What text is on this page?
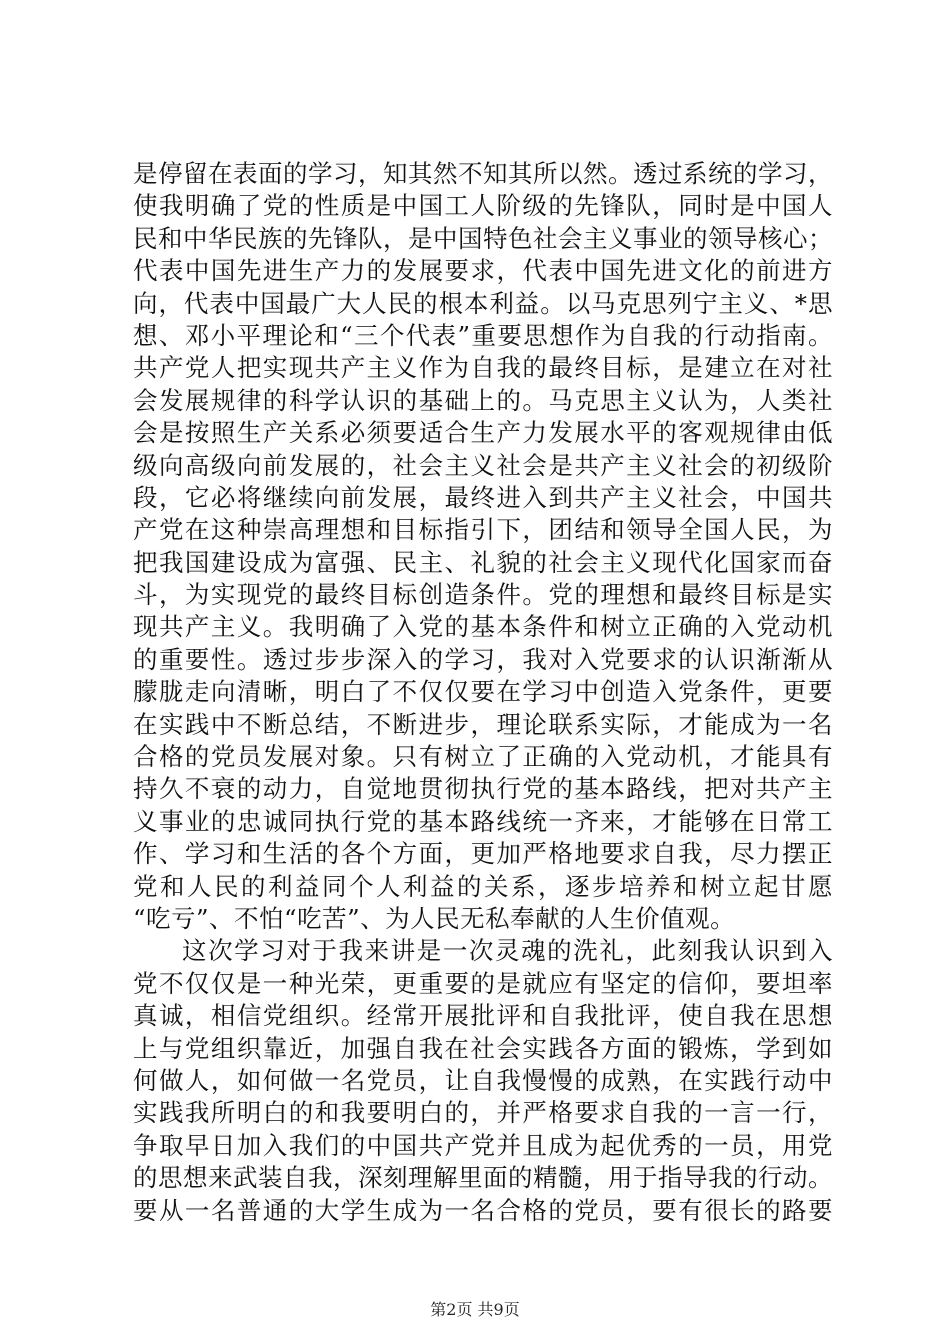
是停留在表面的学习，知其然不知其所以然。透过系统的学习，
使我明确了党的性质是中国工人阶级的先锋队，同时是中国人
民和中华民族的先锋队，是中国特色社会主义事业的领导核心；
代表中国先进生产力的发展要求，代表中国先进文化的前进方
向，代表中国最广大人民的根本利益。以马克思列宁主义、*思
想、邓小平理论和“三个代表”重要思想作为自我的行动指南。
共产党人把实现共产主义作为自我的最终目标，是建立在对社
会发展规律的科学认识的基础上的。马克思主义认为，人类社
会是按照生产关系必须要适合生产力发展水平的客观规律由低
级向高级向前发展的，社会主义社会是共产主义社会的初级阶
段，它必将继续向前发展，最终进入到共产主义社会，中国共
产党在这种崇高理想和目标指引下，团结和领导全国人民，为
把我国建设成为富强、民主、礼貌的社会主义现代化国家而奋
斗，为实现党的最终目标创造条件。党的理想和最终目标是实
现共产主义。我明确了入党的基本条件和树立正确的入党动机
的重要性。透过步步深入的学习，我对入党要求的认识渐渐从
朦胧走向清晰，明白了不仅仅要在学习中创造入党条件，更要
在实践中不断总结，不断进步，理论联系实际，才能成为一名
合格的党员发展对象。只有树立了正确的入党动机，才能具有
持久不衰的动力，自觉地贯彻执行党的基本路线，把对共产主
义事业的忠诚同执行党的基本路线统一齐来，才能够在日常工
作、学习和生活的各个方面，更加严格地要求自我，尽力摆正
党和人民的利益同个人利益的关系，逐步培养和树立起甘愿
“吃亏”、不怕“吃苦”、为人民无私奉献的人生价值观。
这次学习对于我来讲是一次灵魂的洗礼，此刻我认识到入
党不仅仅是一种光荣，更重要的是就应有坚定的信仰，要坦率
真诚，相信党组织。经常开展批评和自我批评，使自我在思想
上与党组织靠近，加强自我在社会实践各方面的锻炼，学到如
何做人，如何做一名党员，让自我慢慢的成熟，在实践行动中
实践我所明白的和我要明白的，并严格要求自我的一言一行，
争取早日加入我们的中国共产党并且成为起优秀的一员，用党
的思想来武装自我，深刻理解里面的精髓，用于指导我的行动。
要从一名普通的大学生成为一名合格的党员，要有很长的路要
第2页 共9页
